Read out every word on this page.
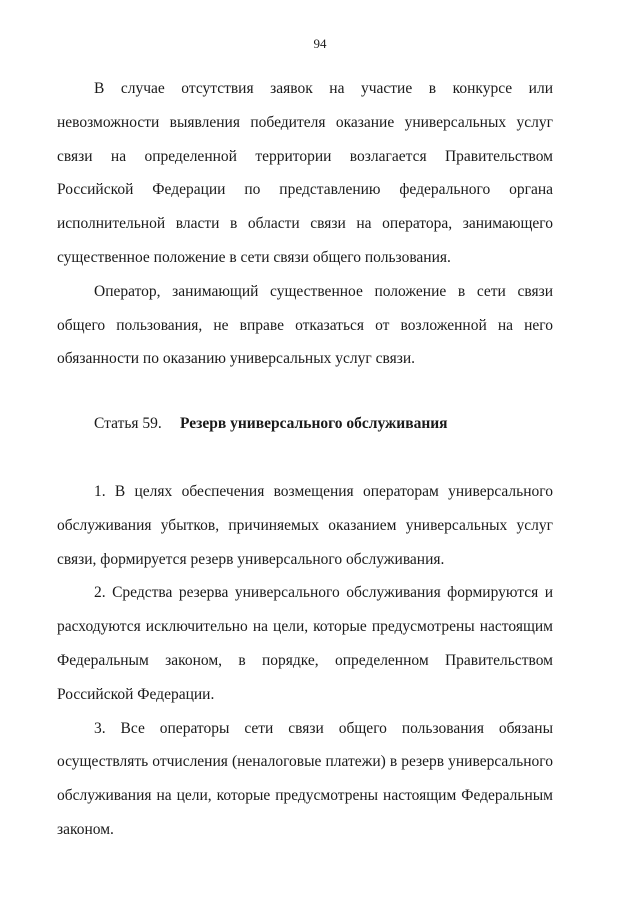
94

В случае отсутствия заявок на участие в конкурсе или невозможности выявления победителя оказание универсальных услуг связи на определенной территории возлагается Правительством Российской Федерации по представлению федерального органа исполнительной власти в области связи на оператора, занимающего существенное положение в сети связи общего пользования.

Оператор, занимающий существенное положение в сети связи общего пользования, не вправе отказаться от возложенной на него обязанности по оказанию универсальных услуг связи.

Статья 59. Резерв универсального обслуживания

1. В целях обеспечения возмещения операторам универсального обслуживания убытков, причиняемых оказанием универсальных услуг связи, формируется резерв универсального обслуживания.

2. Средства резерва универсального обслуживания формируются и расходуются исключительно на цели, которые предусмотрены настоящим Федеральным законом, в порядке, определенном Правительством Российской Федерации.

3. Все операторы сети связи общего пользования обязаны осуществлять отчисления (неналоговые платежи) в резерв универсального обслуживания на цели, которые предусмотрены настоящим Федеральным законом.
